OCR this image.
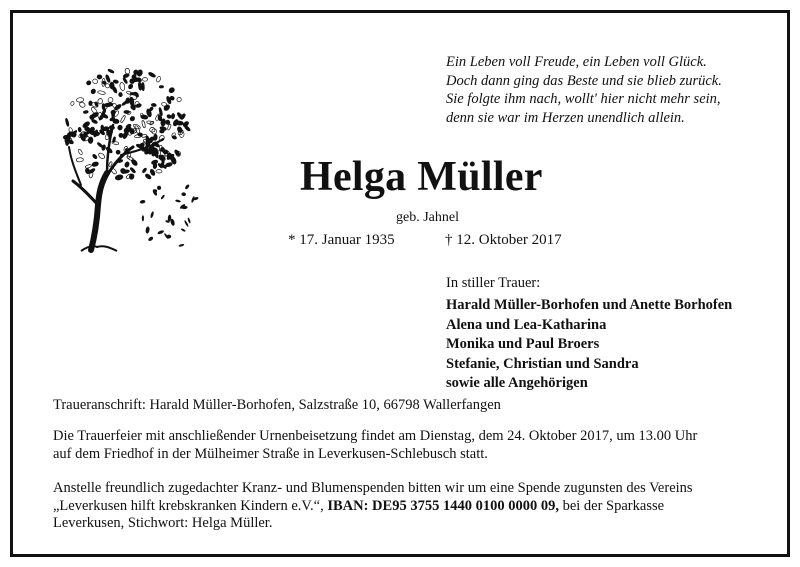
Ein Leben voll Freude, ein Leben voll Glück.
Doch dann ging das Beste und sie blieb zurück.
Sie folgte ihm nach, wollt' hier nicht mehr sein,
denn sie war im Herzen unendlich allein.
Helga Müller
geb. Jahnel
* 17. Januar 1935	† 12. Oktober 2017
In stiller Trauer:
Harald Müller-Borhofen und Anette Borhofen
Alena und Lea-Katharina
Monika und Paul Broers
Stefanie, Christian und Sandra
sowie alle Angehörigen
Traueranschrift: Harald Müller-Borhofen, Salzstraße 10, 66798 Wallerfangen
Die Trauerfeier mit anschließender Urnenbeisetzung findet am Dienstag, dem 24. Oktober 2017, um 13.00 Uhr
auf dem Friedhof in der Mülheimer Straße in Leverkusen-Schlebusch statt.
Anstelle freundlich zugedachter Kranz- und Blumenspenden bitten wir um eine Spende zugunsten des Vereins
„Leverkusen hilft krebskranken Kindern e.V.“, IBAN: DE95 3755 1440 0100 0000 09, bei der Sparkasse
Leverkusen, Stichwort: Helga Müller.
